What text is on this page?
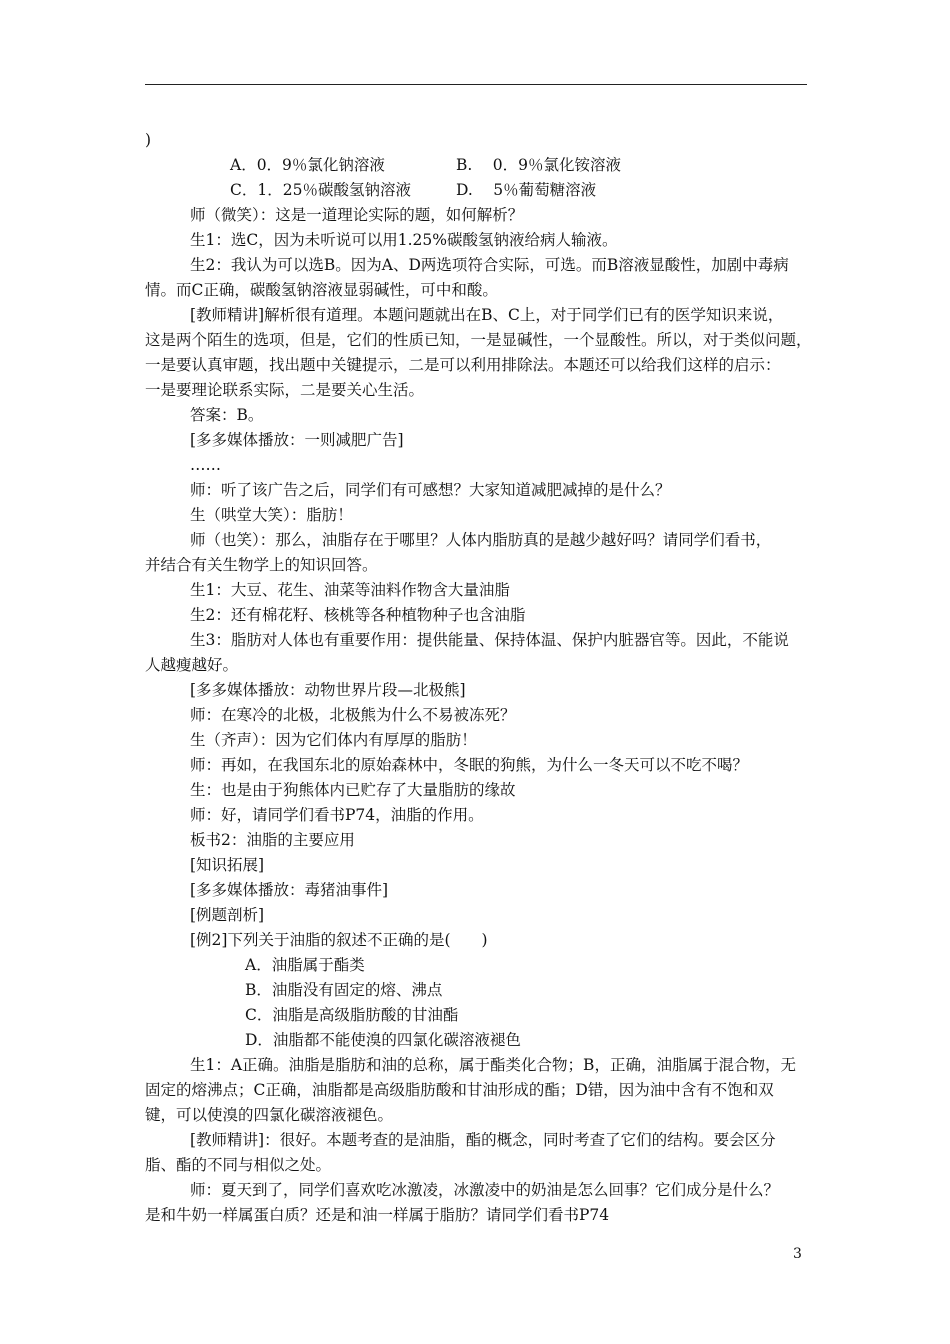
)
A．0．9％氯化钠溶液	B.　 0．9％氯化铵溶液
C．1．25％碳酸氢钠溶液	D.　 5％葡萄糖溶液
师（微笑）：这是一道理论实际的题，如何解析？
生1：选C，因为未听说可以用1.25%碳酸氢钠液给病人输液。
生2：我认为可以选B。因为A、D两选项符合实际，可选。而B溶液显酸性，加剧中毒病
情。而C正确，碳酸氢钠溶液显弱碱性，可中和酸。
[教师精讲]解析很有道理。本题问题就出在B、C上，对于同学们已有的医学知识来说，
这是两个陌生的选项，但是，它们的性质已知，一是显碱性，一个显酸性。所以，对于类似问题，
一是要认真审题，找出题中关键提示，二是可以利用排除法。本题还可以给我们这样的启示：
一是要理论联系实际，二是要关心生活。
答案：B。
[多多媒体播放：一则减肥广告]
……
师：听了该广告之后，同学们有可感想？大家知道减肥减掉的是什么？
生（哄堂大笑）：脂肪！
师（也笑）：那么，油脂存在于哪里？人体内脂肪真的是越少越好吗？请同学们看书，
并结合有关生物学上的知识回答。
生1：大豆、花生、油菜等油料作物含大量油脂
生2：还有棉花籽、核桃等各种植物种子也含油脂
生3：脂肪对人体也有重要作用：提供能量、保持体温、保护内脏器官等。因此，不能说
人越瘦越好。
[多多媒体播放：动物世界片段—北极熊]
师：在寒冷的北极，北极熊为什么不易被冻死？
生（齐声）：因为它们体内有厚厚的脂肪！
师：再如，在我国东北的原始森林中，冬眠的狗熊，为什么一冬天可以不吃不喝？
生：也是由于狗熊体内已贮存了大量脂肪的缘故
师：好，请同学们看书P74，油脂的作用。
板书2：油脂的主要应用
[知识拓展]
[多多媒体播放：毒猪油事件]
[例题剖析]
[例2]下列关于油脂的叙述不正确的是(　　)
A．油脂属于酯类
B．油脂没有固定的熔、沸点
C．油脂是高级脂肪酸的甘油酯
D．油脂都不能使溴的四氯化碳溶液褪色
生1：A正确。油脂是脂肪和油的总称，属于酯类化合物；B，正确，油脂属于混合物，无
固定的熔沸点；C正确，油脂都是高级脂肪酸和甘油形成的酯；D错，因为油中含有不饱和双
键，可以使溴的四氯化碳溶液褪色。
[教师精讲]：很好。本题考查的是油脂，酯的概念，同时考查了它们的结构。要会区分
脂、酯的不同与相似之处。
师：夏天到了，同学们喜欢吃冰激凌，冰激凌中的奶油是怎么回事？它们成分是什么？
是和牛奶一样属蛋白质？还是和油一样属于脂肪？请同学们看书P74
3
